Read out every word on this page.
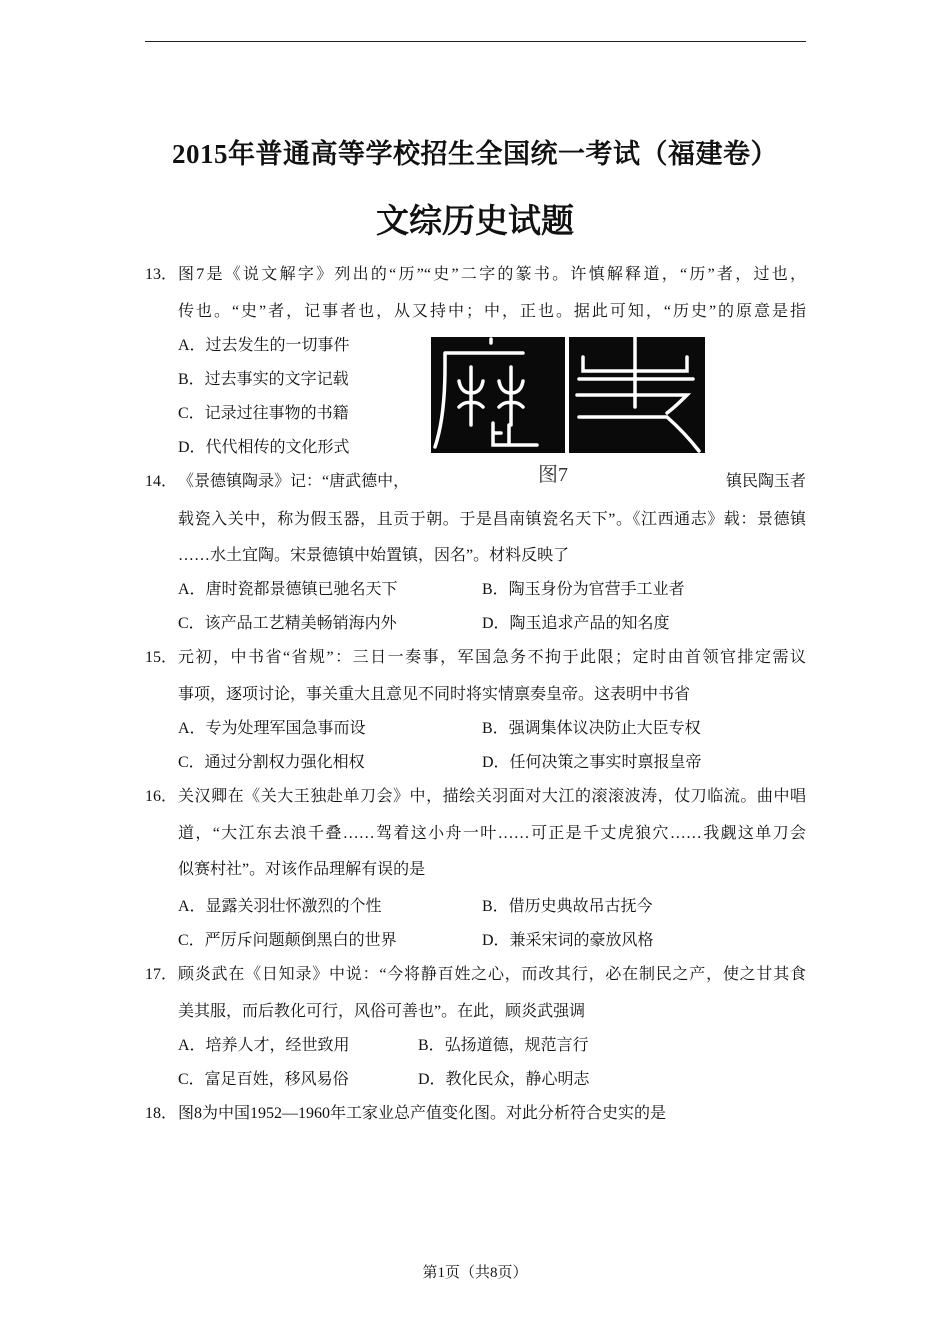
2015年普通高等学校招生全国统一考试（福建卷）
文综历史试题
13． 图7是《说文解字》列出的“历”“史”二字的篆书。许慎解释道，“历”者，过也，
传也。“史”者，记事者也，从又持中；中，正也。据此可知，“历史”的原意是指
A．过去发生的一切事件
B．过去事实的文字记载
C．记录过往事物的书籍
D．代代相传的文化形式
图7
14． 《景德镇陶录》记：“唐武德中，	镇民陶玉者
载瓷入关中，称为假玉器，且贡于朝。于是昌南镇瓷名天下”。《江西通志》载：景德镇
……水土宜陶。宋景德镇中始置镇，因名”。材料反映了
A．唐时瓷都景德镇已驰名天下	B．陶玉身份为官营手工业者
C．该产品工艺精美畅销海内外	D．陶玉追求产品的知名度
15． 元初，中书省“省规”：三日一奏事，军国急务不拘于此限；定时由首领官排定需议
事项，逐项讨论，事关重大且意见不同时将实情禀奏皇帝。这表明中书省
A．专为处理军国急事而设	B．强调集体议决防止大臣专权
C．通过分割权力强化相权	D．任何决策之事实时禀报皇帝
16． 关汉卿在《关大王独赴单刀会》中，描绘关羽面对大江的滚滚波涛，仗刀临流。曲中唱
道，“大江东去浪千叠……驾着这小舟一叶……可正是千丈虎狼穴……我觑这单刀会
似赛村社”。对该作品理解有误的是
A．显露关羽壮怀激烈的个性	B．借历史典故吊古抚今
C．严厉斥问题颠倒黑白的世界	D．兼采宋词的豪放风格
17． 顾炎武在《日知录》中说：“今将静百姓之心，而改其行，必在制民之产，使之甘其食
美其服，而后教化可行，风俗可善也”。在此，顾炎武强调
A．培养人才，经世致用	B．弘扬道德，规范言行
C．富足百姓，移风易俗	D．教化民众，静心明志
18． 图8为中国1952—1960年工家业总产值变化图。对此分析符合史实的是
第1页（共8页）
